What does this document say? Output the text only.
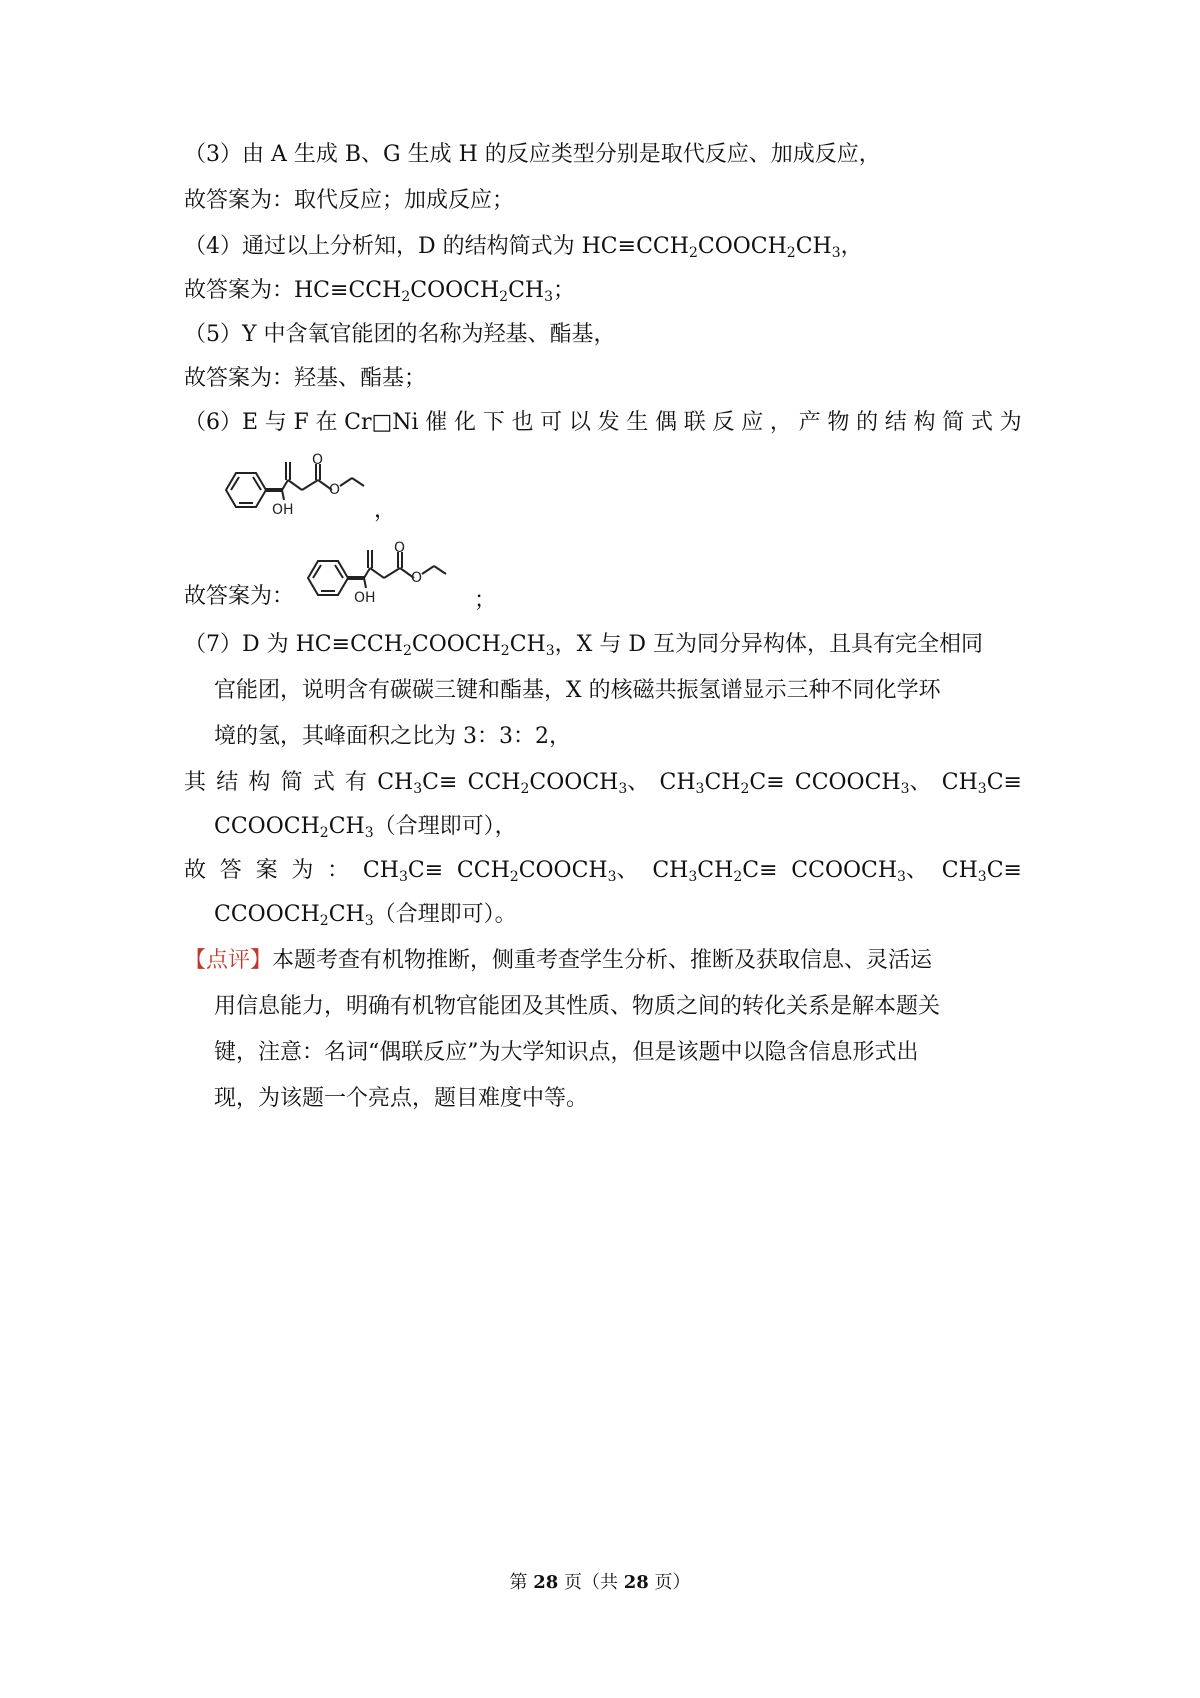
（3）由 A 生成 B、G 生成 H 的反应类型分别是取代反应、加成反应，
故答案为：取代反应；加成反应；
（4）通过以上分析知，D 的结构简式为 $HC\equiv CCH_2COOCH_2CH_3$，
故答案为：$HC\equiv CCH_2COOCH_2CH_3$；
（5）Y 中含氧官能团的名称为羟基、酯基，
故答案为：羟基、酯基；
（6）E 与 F 在 Cr□Ni 催 化 下 也 可 以 发 生 偶 联 反 应 ， 产 物 的 结 构 简 式 为
O
O
OH	，
故答案为：
O
O
OH	；
（7）D 为 $HC\equiv CCH_2COOCH_2CH_3$，X 与 D 互为同分异构体，且具有完全相同
官能团，说明含有碳碳三键和酯基，X 的核磁共振氢谱显示三种不同化学环
境的氢，其峰面积之比为 3：3：2，
其 结 构 简 式 有 $CH_3C\equiv$ $CCH_2COOCH_3$、 $CH_3CH_2C\equiv$ $CCOOCH_3$、 $CH_3C\equiv$
$CCOOCH_2CH_3$（合理即可），
故 答 案 为 ： $CH_3C\equiv$ $CCH_2COOCH_3$、 $CH_3CH_2C\equiv$ $CCOOCH_3$、 $CH_3C\equiv$
$CCOOCH_2CH_3$（合理即可）。
【点评】本题考查有机物推断，侧重考查学生分析、推断及获取信息、灵活运
用信息能力，明确有机物官能团及其性质、物质之间的转化关系是解本题关
键，注意：名词“偶联反应”为大学知识点，但是该题中以隐含信息形式出
现，为该题一个亮点，题目难度中等。
第 28 页（共 28 页）
